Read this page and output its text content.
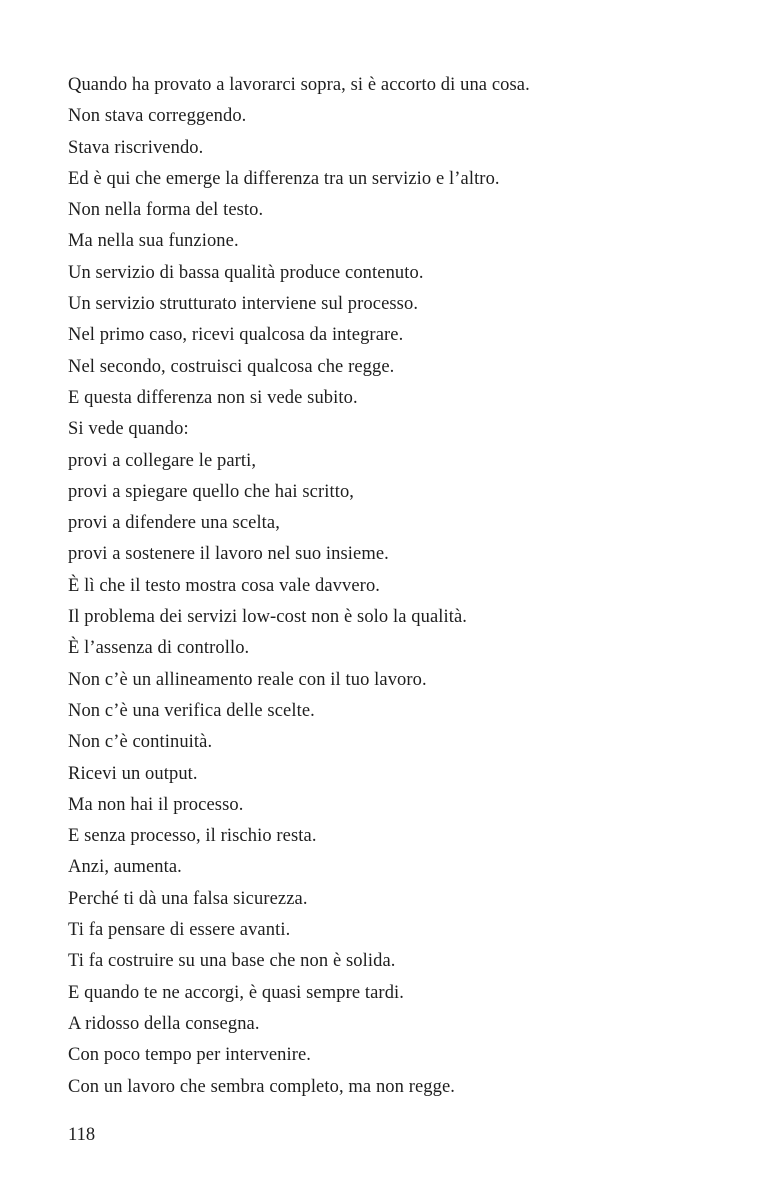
Quando ha provato a lavorarci sopra, si è accorto di una cosa.
Non stava correggendo.
Stava riscrivendo.
Ed è qui che emerge la differenza tra un servizio e l’altro.
Non nella forma del testo.
Ma nella sua funzione.
Un servizio di bassa qualità produce contenuto.
Un servizio strutturato interviene sul processo.
Nel primo caso, ricevi qualcosa da integrare.
Nel secondo, costruisci qualcosa che regge.
E questa differenza non si vede subito.
Si vede quando:
provi a collegare le parti,
provi a spiegare quello che hai scritto,
provi a difendere una scelta,
provi a sostenere il lavoro nel suo insieme.
È lì che il testo mostra cosa vale davvero.
Il problema dei servizi low-cost non è solo la qualità.
È l’assenza di controllo.
Non c’è un allineamento reale con il tuo lavoro.
Non c’è una verifica delle scelte.
Non c’è continuità.
Ricevi un output.
Ma non hai il processo.
E senza processo, il rischio resta.
Anzi, aumenta.
Perché ti dà una falsa sicurezza.
Ti fa pensare di essere avanti.
Ti fa costruire su una base che non è solida.
E quando te ne accorgi, è quasi sempre tardi.
A ridosso della consegna.
Con poco tempo per intervenire.
Con un lavoro che sembra completo, ma non regge.
118
